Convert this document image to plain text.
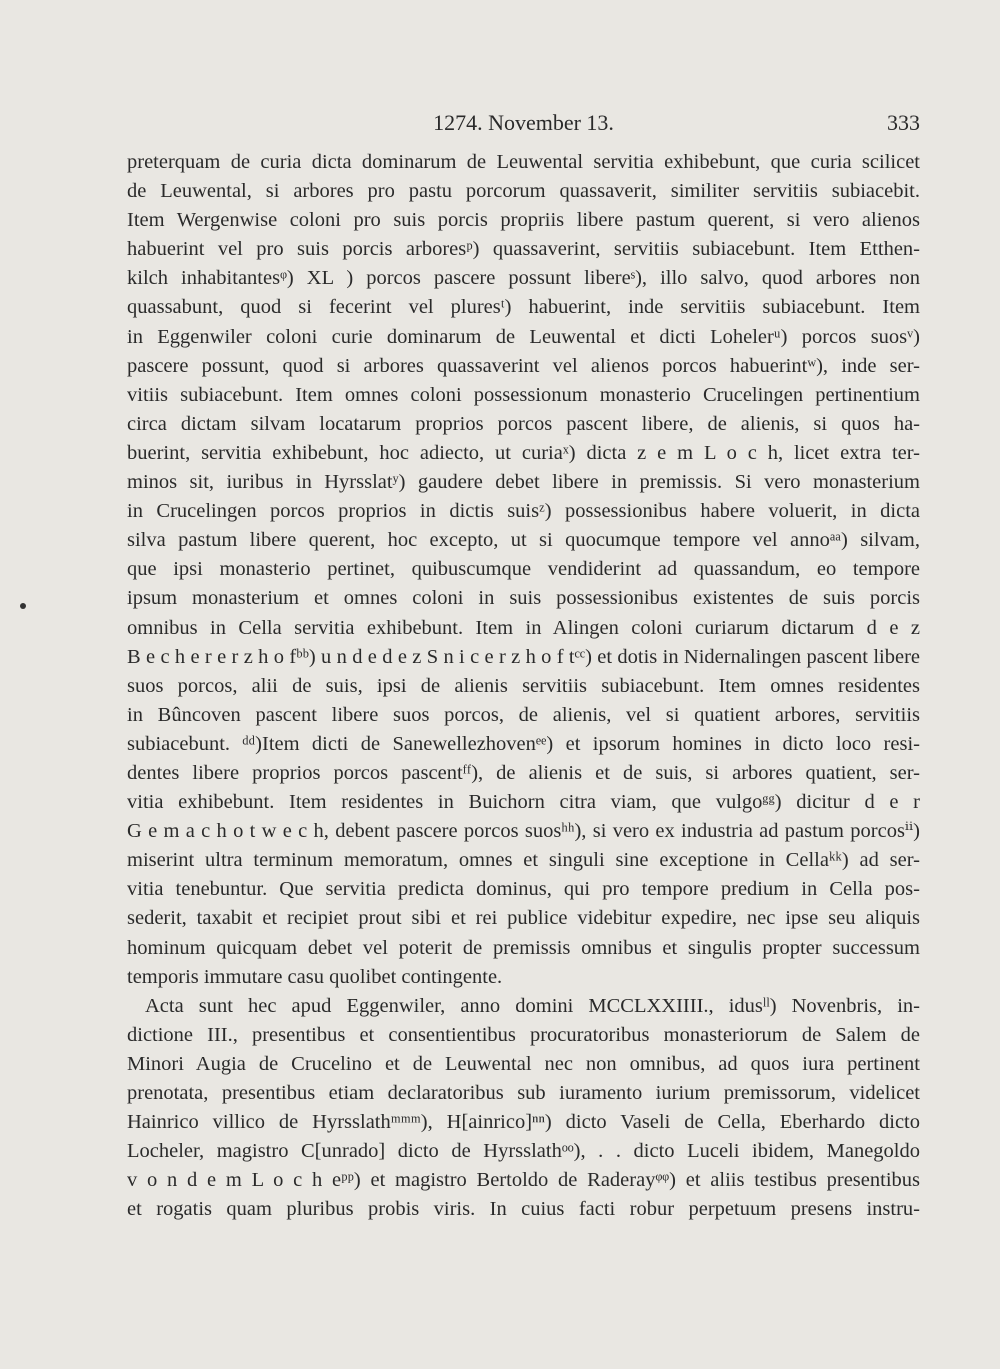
1274. November 13.	333
preterquam de curia dicta dominarum de Leuwental servitia exhibebunt, que curia scilicet
de Leuwental, si arbores pro pastu porcorum quassaverit, similiter servitiis subiacebit.
Item Wergenwise coloni pro suis porcis propriis libere pastum querent, si vero alienos
habuerint vel pro suis porcis arboresᵖ) quassaverint, servitiis subiacebunt. Item Etthen-
kilch inhabitantesᵠ) XL ) porcos pascere possunt libereˢ), illo salvo, quod arbores non
quassabunt, quod si fecerint vel pluresᵗ) habuerint, inde servitiis subiacebunt. Item
in Eggenwiler coloni curie dominarum de Leuwental et dicti Lohelerᵘ) porcos suosᵛ)
pascere possunt, quod si arbores quassaverint vel alienos porcos habuerintʷ), inde ser-
vitiis subiacebunt. Item omnes coloni possessionum monasterio Crucelingen pertinentium
circa dictam silvam locatarum proprios porcos pascent libere, de alienis, si quos ha-
buerint, servitia exhibebunt, hoc adiecto, ut curiaˣ) dicta z e m L o c h, licet extra ter-
minos sit, iuribus in Hyrsslatʸ) gaudere debet libere in premissis. Si vero monasterium
in Crucelingen porcos proprios in dictis suisᶻ) possessionibus habere voluerit, in dicta
silva pastum libere querent, hoc excepto, ut si quocumque tempore vel annoᵃᵃ) silvam,
que ipsi monasterio pertinet, quibuscumque vendiderint ad quassandum, eo tempore
ipsum monasterium et omnes coloni in suis possessionibus existentes de suis porcis
omnibus in Cella servitia exhibebunt. Item in Alingen coloni curiarum dictarum d e z
B e c h e r e r z h o fᵇᵇ) u n d e d e z S n i c e r z h o f tᶜᶜ) et dotis in Nidernalingen pascent libere
suos porcos, alii de suis, ipsi de alienis servitiis subiacebunt. Item omnes residentes
in Bûncoven pascent libere suos porcos, de alienis, vel si quatient arbores, servitiis
subiacebunt. ᵈᵈ)Item dicti de Sanewellezhovenᵉᵉ) et ipsorum homines in dicto loco resi-
dentes libere proprios porcos pascentᶠᶠ), de alienis et de suis, si arbores quatient, ser-
vitia exhibebunt. Item residentes in Buichorn citra viam, que vulgoᵍᵍ) dicitur d e r
G e m a c h o t w e c h, debent pascere porcos suosʰʰ), si vero ex industria ad pastum porcosⁱⁱ)
miserint ultra terminum memoratum, omnes et singuli sine exceptione in Cellaᵏᵏ) ad ser-
vitia tenebuntur. Que servitia predicta dominus, qui pro tempore predium in Cella pos-
sederit, taxabit et recipiet prout sibi et rei publice videbitur expedire, nec ipse seu aliquis
hominum quicquam debet vel poterit de premissis omnibus et singulis propter successum
temporis immutare casu quolibet contingente.
Acta sunt hec apud Eggenwiler, anno domini MCCLXXIIII., idusˡˡ) Novenbris, in-
dictione III., presentibus et consentientibus procuratoribus monasteriorum de Salem de
Minori Augia de Crucelino et de Leuwental nec non omnibus, ad quos iura pertinent
prenotata, presentibus etiam declaratoribus sub iuramento iurium premissorum, videlicet
Hainrico villico de Hyrsslathᵐᵐᵐ), H[ainrico]ⁿⁿ) dicto Vaseli de Cella, Eberhardo dicto
Locheler, magistro C[unrado] dicto de Hyrsslathᵒᵒ), . . dicto Luceli ibidem, Manegoldo
v o n d e m L o c h eᵖᵖ) et magistro Bertoldo de Raderayᵠᵠ) et aliis testibus presentibus
et rogatis quam pluribus probis viris. In cuius facti robur perpetuum presens instru-
